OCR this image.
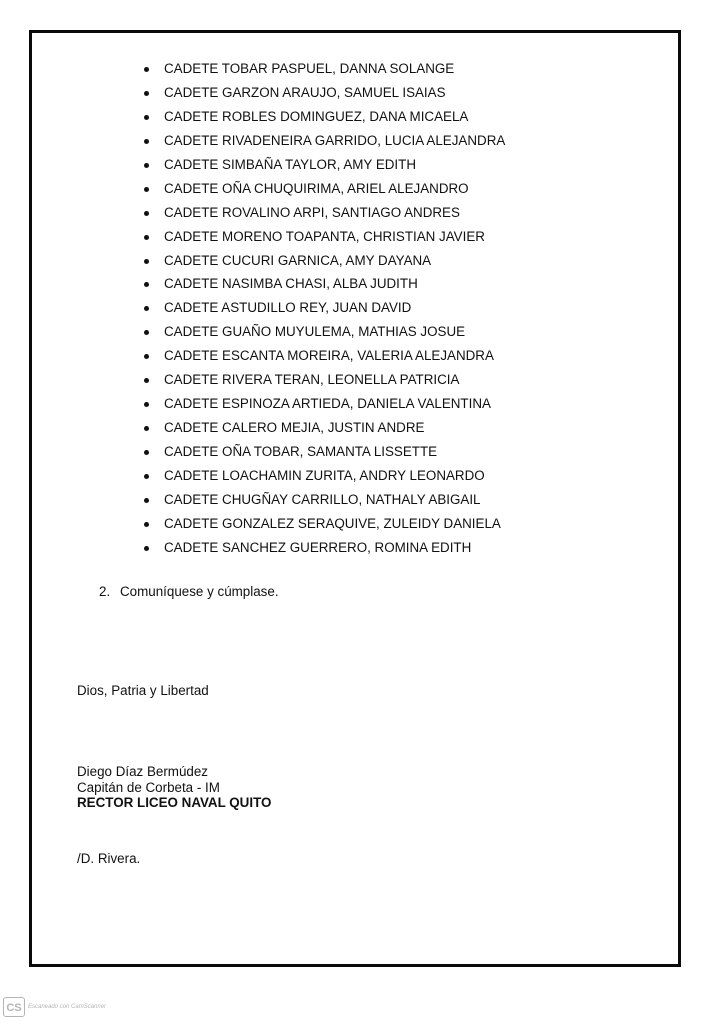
CADETE TOBAR PASPUEL, DANNA SOLANGE
CADETE GARZON ARAUJO, SAMUEL ISAIAS
CADETE ROBLES DOMINGUEZ, DANA MICAELA
CADETE RIVADENEIRA GARRIDO, LUCIA ALEJANDRA
CADETE SIMBAÑA TAYLOR, AMY EDITH
CADETE OÑA CHUQUIRIMA, ARIEL ALEJANDRO
CADETE ROVALINO ARPI, SANTIAGO ANDRES
CADETE MORENO TOAPANTA, CHRISTIAN JAVIER
CADETE CUCURI GARNICA, AMY DAYANA
CADETE NASIMBA CHASI, ALBA JUDITH
CADETE ASTUDILLO REY, JUAN DAVID
CADETE GUAÑO MUYULEMA, MATHIAS JOSUE
CADETE ESCANTA MOREIRA, VALERIA ALEJANDRA
CADETE RIVERA TERAN, LEONELLA PATRICIA
CADETE ESPINOZA ARTIEDA, DANIELA VALENTINA
CADETE CALERO MEJIA, JUSTIN ANDRE
CADETE OÑA TOBAR, SAMANTA LISSETTE
CADETE LOACHAMIN ZURITA, ANDRY LEONARDO
CADETE CHUGÑAY CARRILLO, NATHALY ABIGAIL
CADETE GONZALEZ SERAQUIVE, ZULEIDY DANIELA
CADETE SANCHEZ GUERRERO, ROMINA EDITH
2. Comuníquese y cúmplase.
Dios, Patria y Libertad
Diego Díaz Bermúdez
Capitán de Corbeta - IM
RECTOR LICEO NAVAL QUITO
/D. Rivera.
CS	Escaneado con CamScanner
